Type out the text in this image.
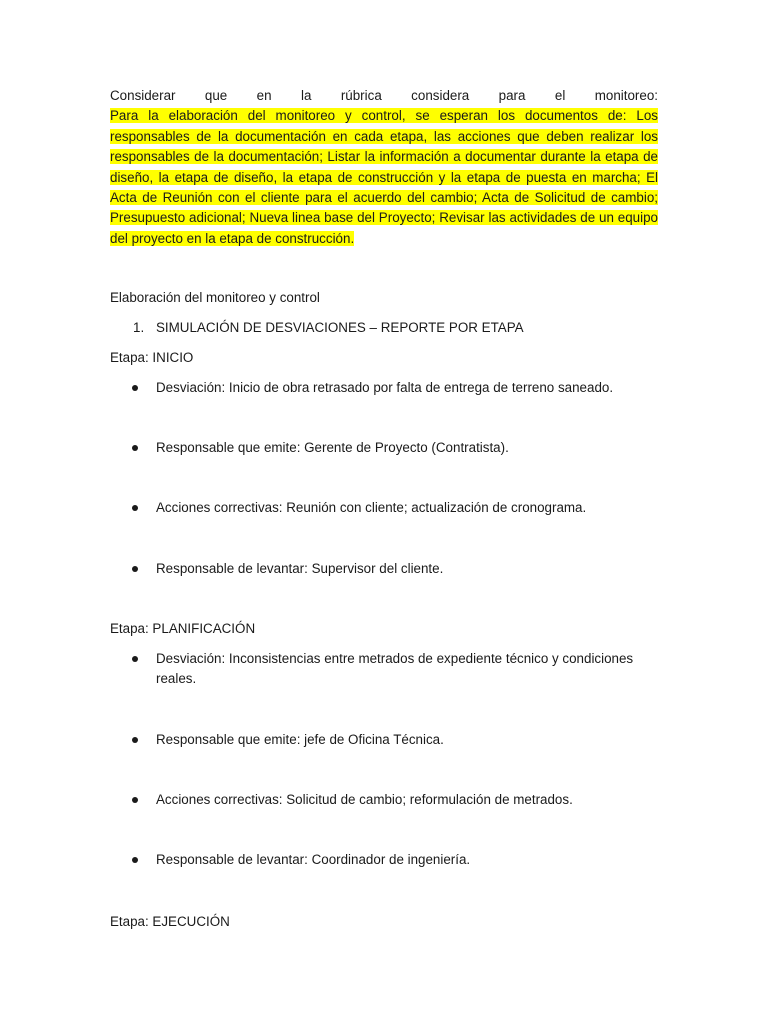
Considerar que en la rúbrica considera para el monitoreo:
Para la elaboración del monitoreo y control, se esperan los documentos de: Los responsables de la documentación en cada etapa, las acciones que deben realizar los responsables de la documentación; Listar la información a documentar durante la etapa de diseño, la etapa de diseño, la etapa de construcción y la etapa de puesta en marcha; El Acta de Reunión con el cliente para el acuerdo del cambio; Acta de Solicitud de cambio; Presupuesto adicional; Nueva linea base del Proyecto; Revisar las actividades de un equipo del proyecto en la etapa de construcción.

Elaboración del monitoreo y control

1. SIMULACIÓN DE DESVIACIONES – REPORTE POR ETAPA
Etapa: INICIO
Desviación: Inicio de obra retrasado por falta de entrega de terreno saneado.
Responsable que emite: Gerente de Proyecto (Contratista).
Acciones correctivas: Reunión con cliente; actualización de cronograma.
Responsable de levantar: Supervisor del cliente.
Etapa: PLANIFICACIÓN
Desviación: Inconsistencias entre metrados de expediente técnico y condiciones reales.
Responsable que emite: jefe de Oficina Técnica.
Acciones correctivas: Solicitud de cambio; reformulación de metrados.
Responsable de levantar: Coordinador de ingeniería.
Etapa: EJECUCIÓN
